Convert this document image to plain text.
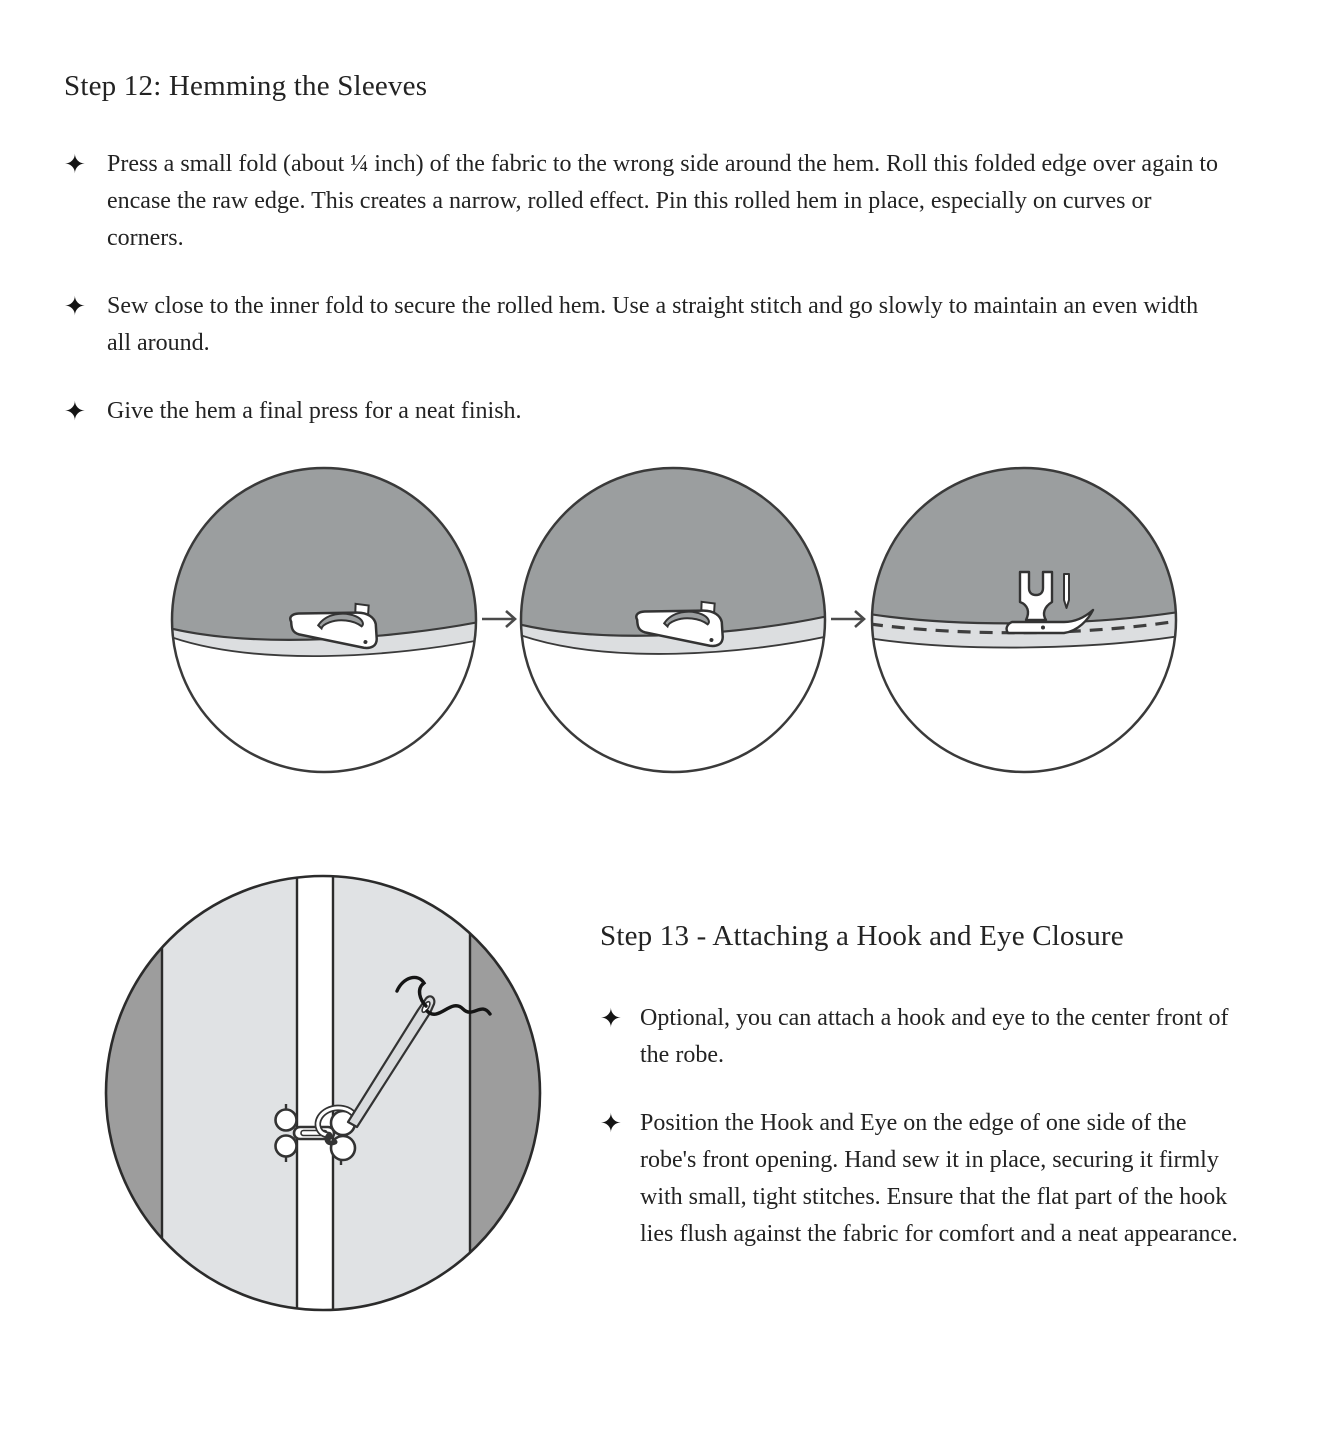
Step 12: Hemming the Sleeves
✦ Press a small fold (about ¼ inch) of the fabric to the wrong side around the hem. Roll this folded edge over again to encase the raw edge. This creates a narrow, rolled effect. Pin this rolled hem in place, especially on curves or corners.

✦ Sew close to the inner fold to secure the rolled hem. Use a straight stitch and go slowly to maintain an even width all around.

✦ Give the hem a final press for a neat finish.

Step 13 - Attaching a Hook and Eye Closure
✦ Optional, you can attach a hook and eye to the center front of the robe.

✦ Position the Hook and Eye on the edge of one side of the robe's front opening. Hand sew it in place, securing it firmly with small, tight stitches. Ensure that the flat part of the hook lies flush against the fabric for comfort and a neat appearance.
